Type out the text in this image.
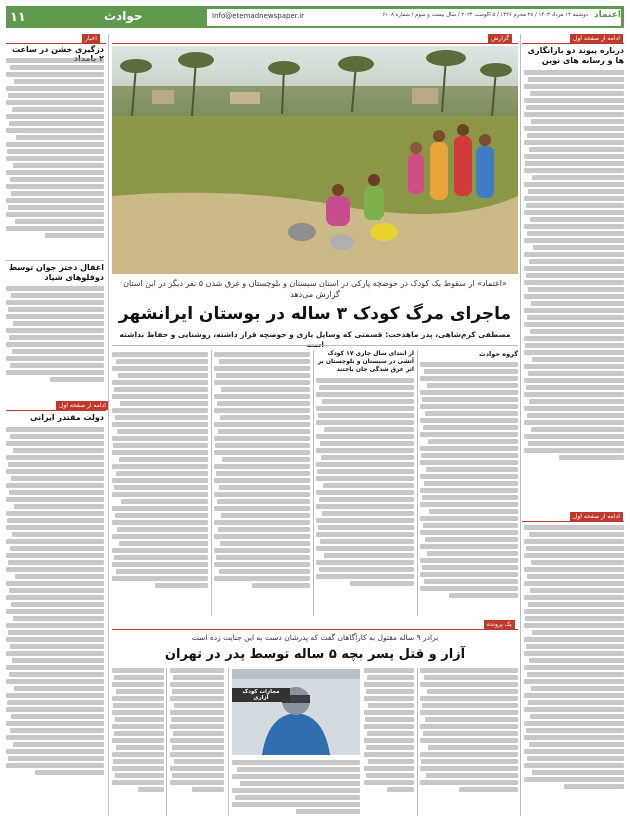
۱۱	حوادث	Info@etemadnewspaper.ir	دوشنبه ۱۴ مرداد ۱۴۰۳ / ۲۸ محرم ۱۴۴۶ / ۵ آگوست ۲۰۲۴ / سال بیست و سوم / شماره ۶۱۰۸ اعتماد
اخبار
دزگیری خشن در ساعت
اغفال دختر جوان توسط دوقلوهای شیاد
ادامه از صفحه اول
دولت مقتدر ایرانی
ادامه از صفحه اول
درباره پیوند دو بازانگاری ها و رسانه های نوین
ادامه از صفحه اول
گزارش
«اعتماد» از سقوط یک کودک در حوضچه پارکی در استان سیستان و بلوچستان و غرق شدن ۵ نفر دیگر در این استان گزارش می‌دهد
ماجرای مرگ کودک ۳ ساله در بوستان ایرانشهر
مصطفی کرم‌شاهی، پدر ماهدخت: قسمتی که وسایل بازی و حوضچه قرار داشته، روشنایی و حفاظ نداشته
گروه حوادث
از ابتدای سال جاری ۱۷ کودک آتشی در سیستان و بلوچستان بر اثر غرق شدگی جان باختند
یک پرونده
برادر ۹ ساله مقتول به کارآگاهان گفت که پدرشان دست به این جنایت زده است
آزار و قتل پسر بچه ۵ ساله توسط پدر در تهران
مجازات کودک آزاری
